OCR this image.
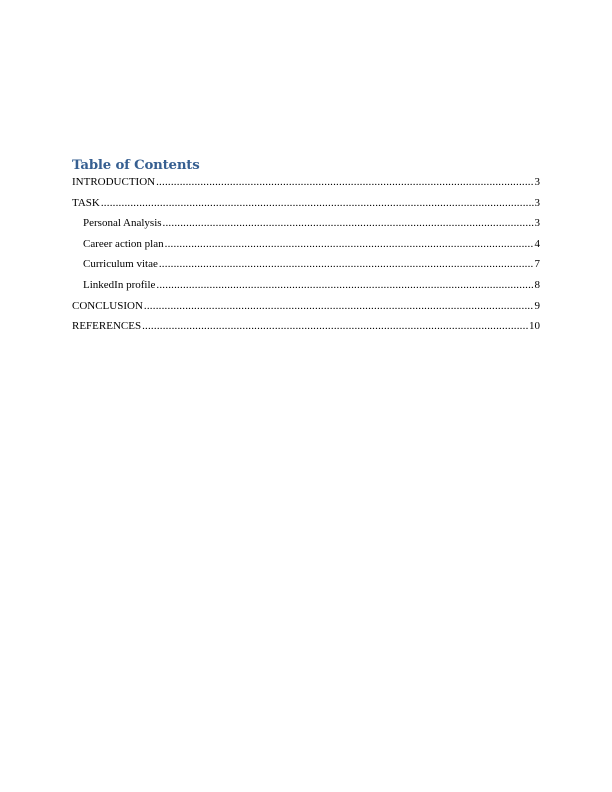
Table of Contents
INTRODUCTION .....	3
TASK .....	3
Personal Analysis .....	3
Career action plan .....	4
Curriculum vitae .....	7
LinkedIn profile .....	8
CONCLUSION .....	9
REFERENCES .....	10
